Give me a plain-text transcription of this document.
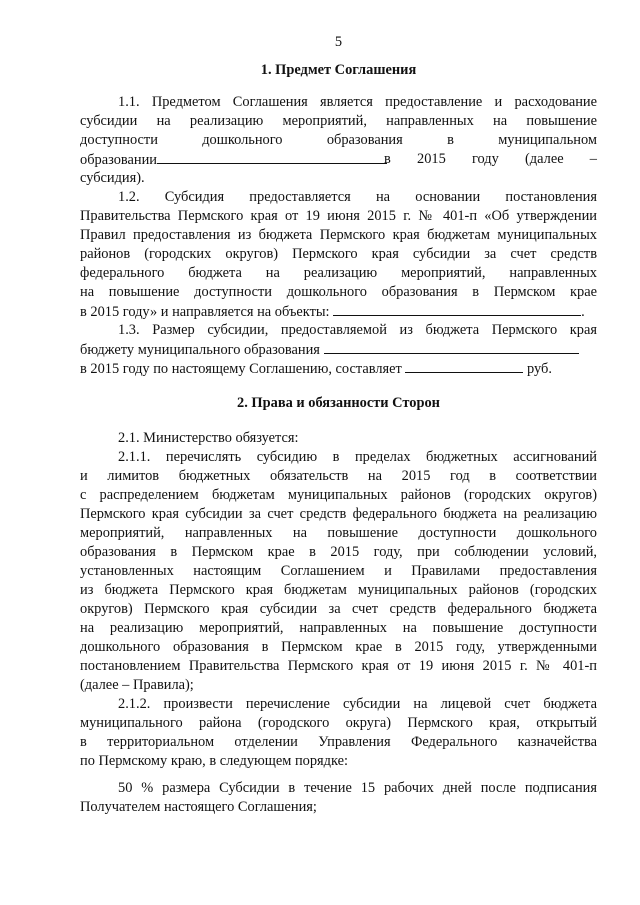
5
1. Предмет Соглашения
1.1. Предметом Соглашения является предоставление и расходование
субсидии на реализацию мероприятий, направленных на повышение
доступности дошкольного образования в муниципальном
образовании	в 2015 году (далее –
субсидия).
1.2. Субсидия предоставляется на основании постановления
Правительства Пермского края от 19 июня 2015 г. № 401-п «Об утверждении
Правил предоставления из бюджета Пермского края бюджетам муниципальных
районов (городских округов) Пермского края субсидии за счет средств
федерального бюджета на реализацию мероприятий, направленных
на повышение доступности дошкольного образования в Пермском крае
в 2015 году» и направляется на объекты:	.
1.3. Размер субсидии, предоставляемой из бюджета Пермского края
бюджету муниципального образования
в 2015 году по настоящему Соглашению, составляет	руб.
2. Права и обязанности Сторон
2.1. Министерство обязуется:
2.1.1. перечислять субсидию в пределах бюджетных ассигнований
и лимитов бюджетных обязательств на 2015 год в соответствии
с распределением бюджетам муниципальных районов (городских округов)
Пермского края субсидии за счет средств федерального бюджета на реализацию
мероприятий, направленных на повышение доступности дошкольного
образования в Пермском крае в 2015 году, при соблюдении условий,
установленных настоящим Соглашением и Правилами предоставления
из бюджета Пермского края бюджетам муниципальных районов (городских
округов) Пермского края субсидии за счет средств федерального бюджета
на реализацию мероприятий, направленных на повышение доступности
дошкольного образования в Пермском крае в 2015 году, утвержденными
постановлением Правительства Пермского края от 19 июня 2015 г. № 401-п
(далее – Правила);
2.1.2. произвести перечисление субсидии на лицевой счет бюджета
муниципального района (городского округа) Пермского края, открытый
в территориальном отделении Управления Федерального казначейства
по Пермскому краю, в следующем порядке:
50 % размера Субсидии в течение 15 рабочих дней после подписания
Получателем настоящего Соглашения;
